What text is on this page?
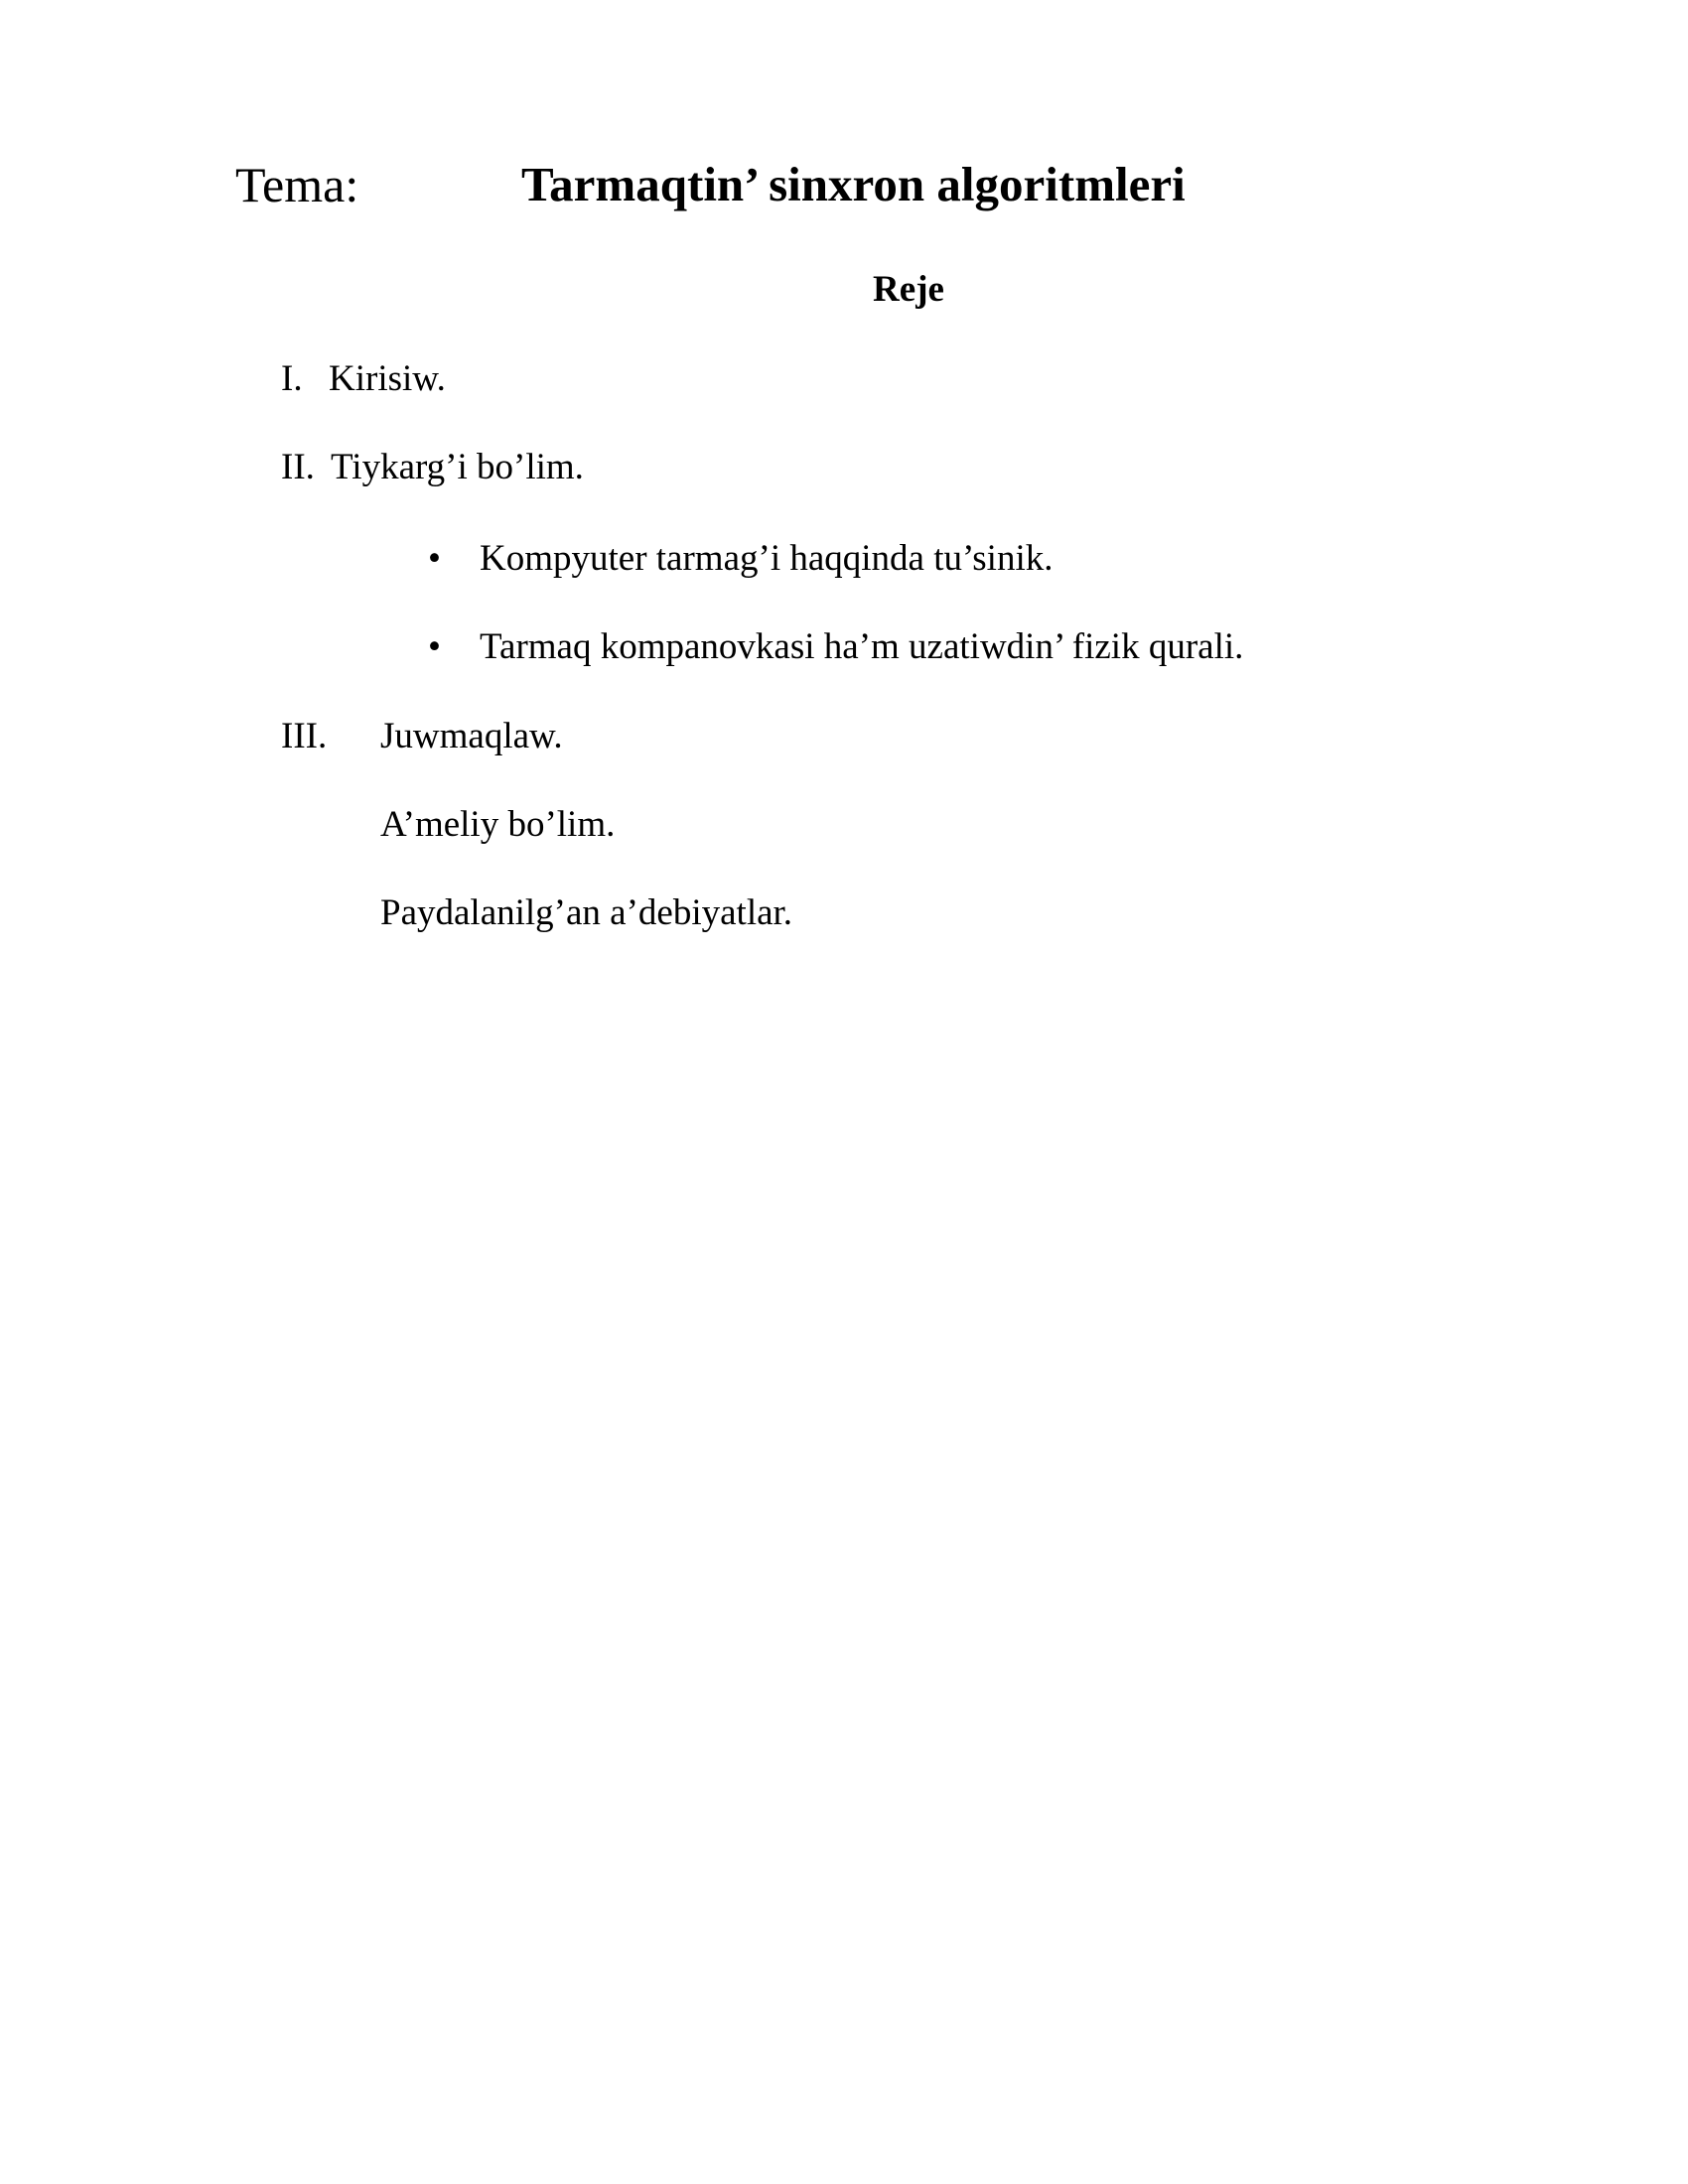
Tema:	Tarmaqtin’ sinxron algoritmleri
Reje
I. Kirisiw.
II. Tiykarg’i bo’lim.
• Kompyuter tarmag’i haqqinda tu’sinik.
• Tarmaq kompanovkasi ha’m uzatiwdin’ fizik qurali.
III. Juwmaqlaw.
A’meliy bo’lim.
Paydalanilg’an a’debiyatlar.
